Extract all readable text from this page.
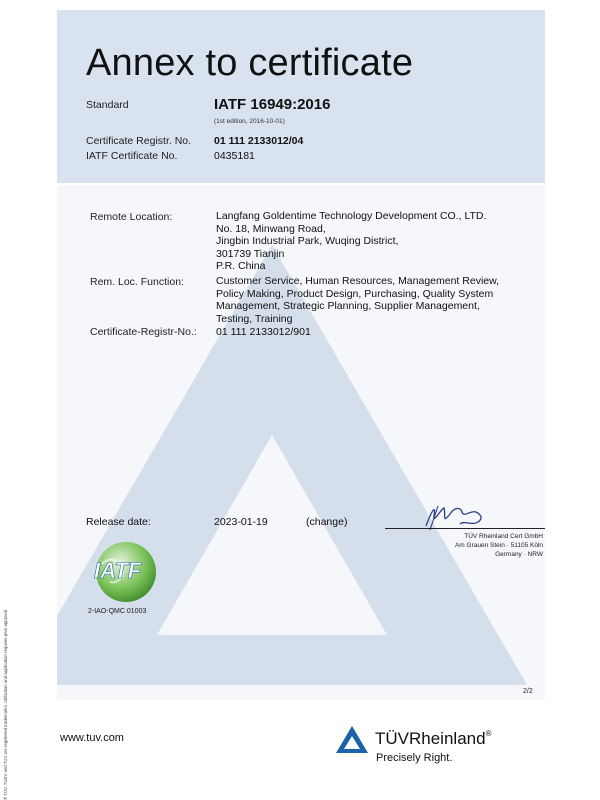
Annex to certificate
Standard	IATF 16949:2016
(1st edition, 2016-10-01)
Certificate Registr. No. 01 111 2133012/04
IATF Certificate No.	0435181
Remote Location:	Langfang Goldentime Technology Development CO., LTD.
No. 18, Minwang Road,
Jingbin Industrial Park, Wuqing District,
301739 Tianjin
P.R. China
Rem. Loc. Function:	Customer Service, Human Resources, Management Review,
Policy Making, Product Design, Purchasing, Quality System
Management, Strategic Planning, Supplier Management,
Testing, Training
Certificate-Registr-No.: 01 111 2133012/901
Release date:	2023-01-19	(change)
TÜV Rheinland Cert GmbH
Am Grauen Stein · 51105 Köln
Germany · NRW
IATF
2-IAO-QMC 01003
2/2
www.tuv.com	TÜVRheinland®
Precisely Right.
® TÜV, TUEV and TUV are registered trademarks. Utilisation and application requires prior approval.
